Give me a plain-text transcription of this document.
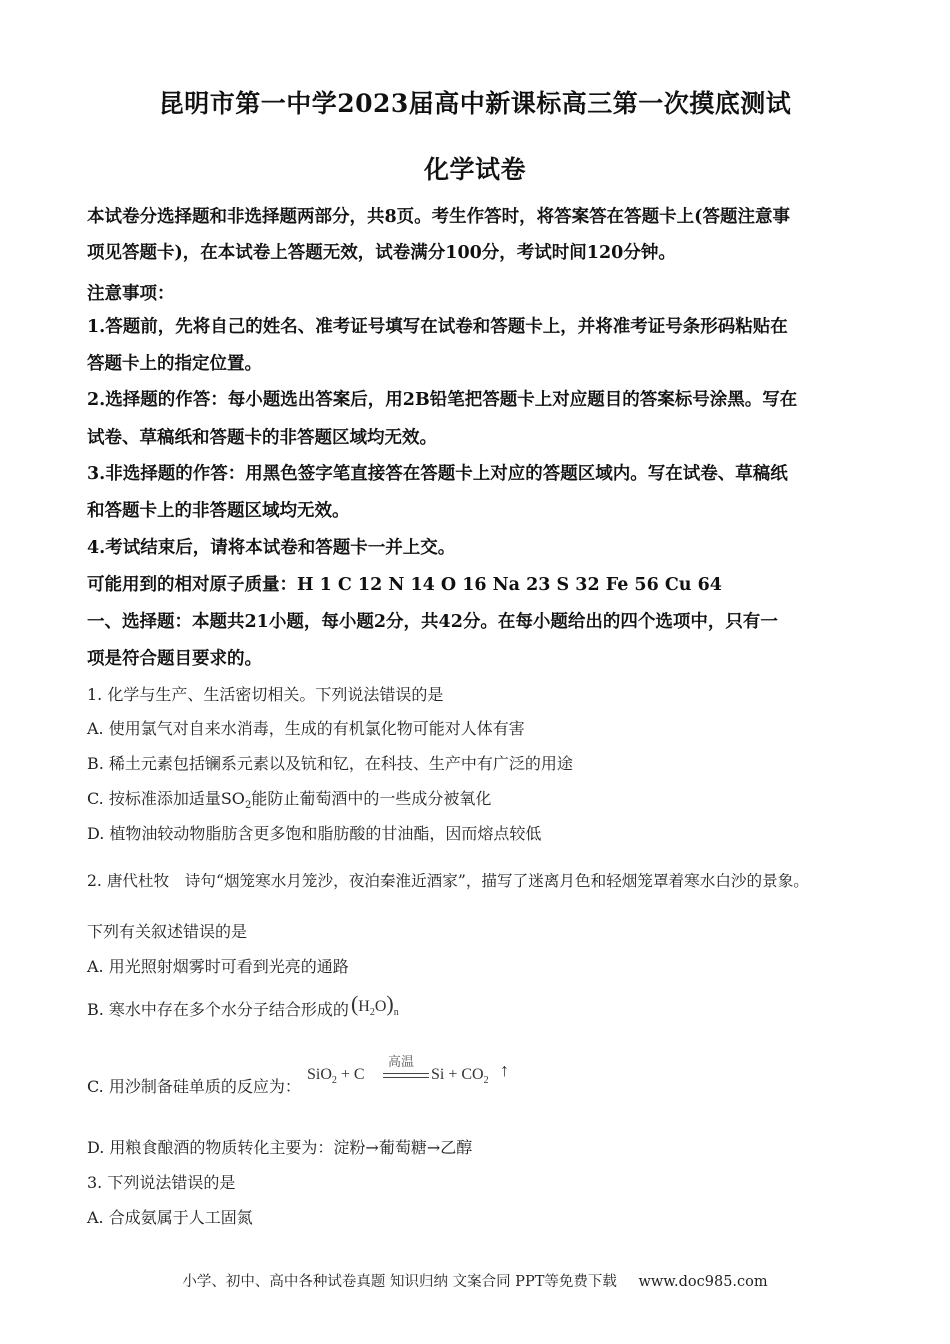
昆明市第一中学2023届高中新课标高三第一次摸底测试
化学试卷
本试卷分选择题和非选择题两部分，共8页。考生作答时，将答案答在答题卡上(答题注意事
项见答题卡)，在本试卷上答题无效，试卷满分100分，考试时间120分钟。
注意事项：
1.答题前，先将自己的姓名、准考证号填写在试卷和答题卡上，并将准考证号条形码粘贴在
答题卡上的指定位置。
2.选择题的作答：每小题选出答案后，用2B铅笔把答题卡上对应题目的答案标号涂黑。写在
试卷、草稿纸和答题卡的非答题区域均无效。
3.非选择题的作答：用黑色签字笔直接答在答题卡上对应的答题区域内。写在试卷、草稿纸
和答题卡上的非答题区域均无效。
4.考试结束后，请将本试卷和答题卡一并上交。
可能用到的相对原子质量：H 1 C 12 N 14 O 16 Na 23 S 32 Fe 56 Cu 64
一、选择题：本题共21小题，每小题2分，共42分。在每小题给出的四个选项中，只有一
项是符合题目要求的。
1. 化学与生产、生活密切相关。下列说法错误的是
A. 使用氯气对自来水消毒，生成的有机氯化物可能对人体有害
B. 稀土元素包括镧系元素以及钪和钇，在科技、生产中有广泛的用途
C. 按标准添加适量$SO_2$能防止葡萄酒中的一些成分被氧化
D. 植物油较动物脂肪含更多饱和脂肪酸的甘油酯，因而熔点较低
2. 唐代杜牧　诗句“烟笼寒水月笼沙，夜泊秦淮近酒家”，描写了迷离月色和轻烟笼罩着寒水白沙的景象。
下列有关叙述错误的是
A. 用光照射烟雾时可看到光亮的通路
B. 寒水中存在多个水分子结合形成的$(H_2O)_n$
C. 用沙制备硅单质的反应为：
SiO$_2$ + C
高温
$Si + CO_2$
↑
D. 用粮食酿酒的物质转化主要为：淀粉→葡萄糖→乙醇
3. 下列说法错误的是
A. 合成氨属于人工固氮
小学、初中、高中各种试卷真题 知识归纳 文案合同 PPT等免费下载 www.doc985.com
